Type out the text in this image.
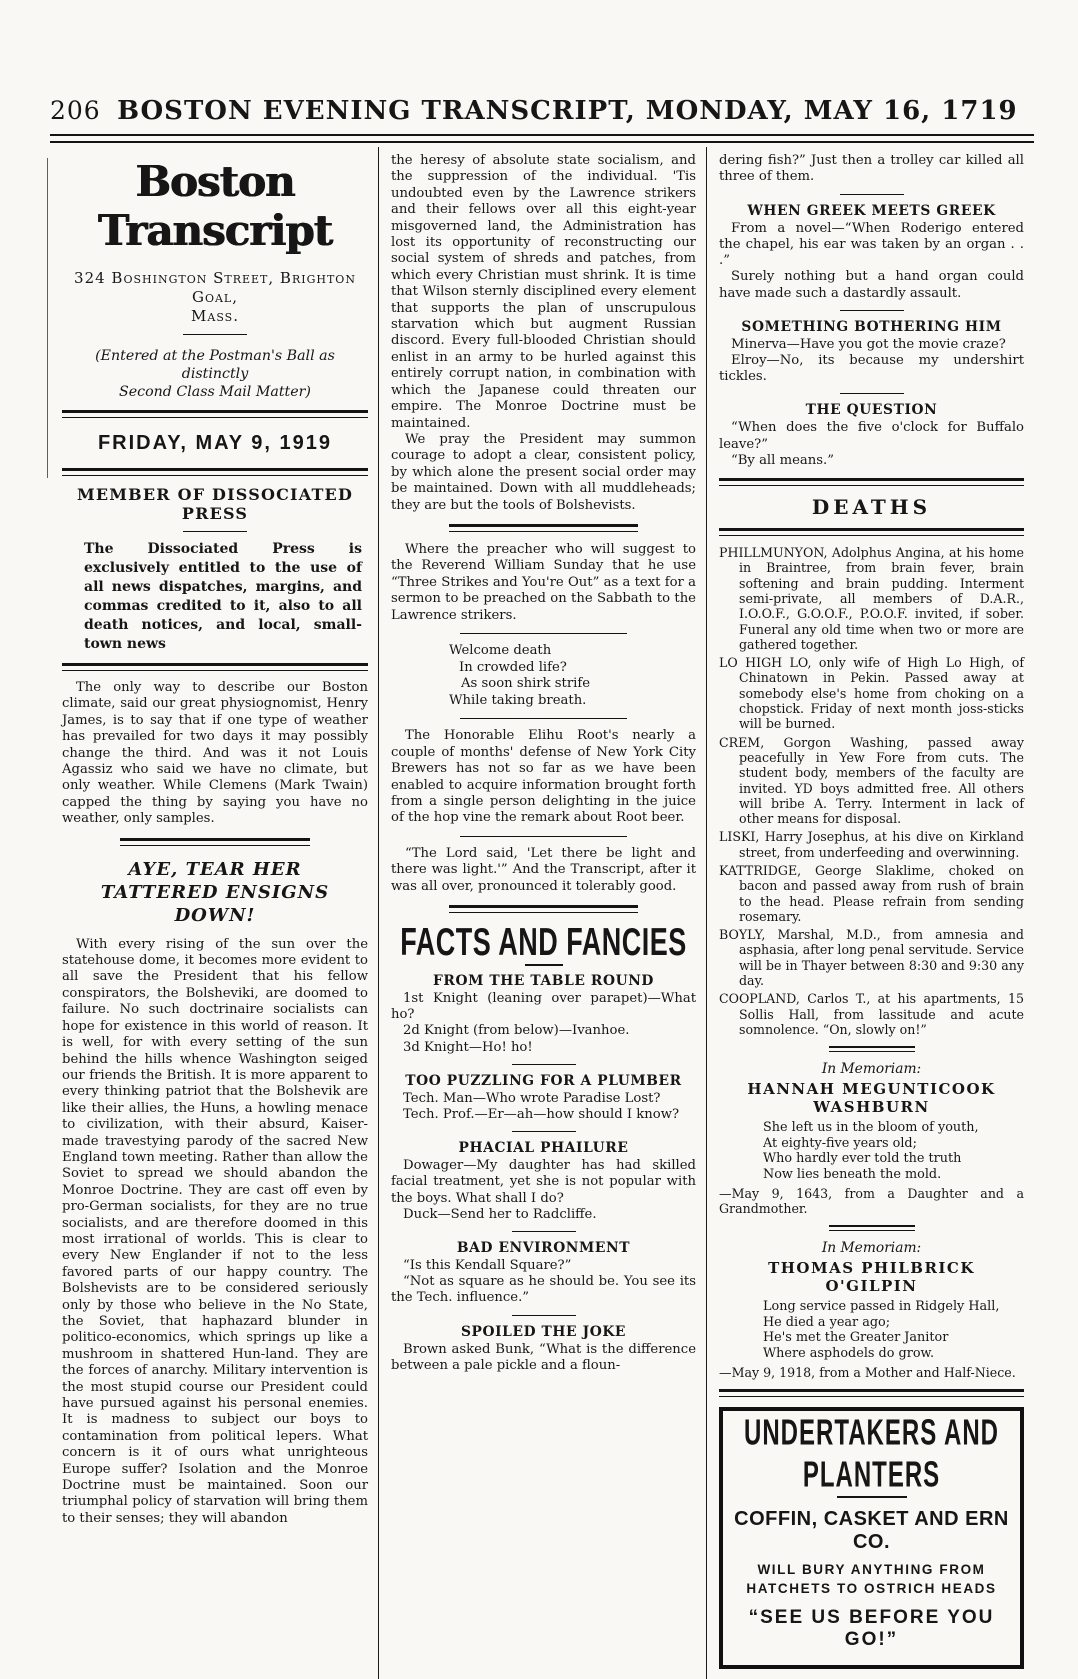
206 BOSTON EVENING TRANSCRIPT, MONDAY, MAY 16, 1719
Boston Transcript
324 Boshington Street, Brighton Goal,
Mass.
(Entered at the Postman's Ball as distinctly
Second Class Mail Matter)
FRIDAY, MAY 9, 1919
MEMBER OF DISSOCIATED PRESS

The Dissociated Press is exclusively entitled to the use of all news dispatches, margins, and commas credited to it, also to all death notices, and local, small-town news

The only way to describe our Boston climate, said our great physiognomist, Henry James, is to say that if one type of weather has prevailed for two days it may possibly change the third. And was it not Louis Agassiz who said we have no climate, but only weather. While Clemens (Mark Twain) capped the thing by saying you have no weather, only samples.

AYE, TEAR HER TATTERED ENSIGNS DOWN!

With every rising of the sun over the statehouse dome, it becomes more evident to all save the President that his fellow conspirators, the Bolsheviki, are doomed to failure. No such doctrinaire socialists can hope for existence in this world of reason. It is well, for with every setting of the sun behind the hills whence Washington seiged our friends the British. It is more apparent to every thinking patriot that the Bolshevik are like their allies, the Huns, a howling menace to civilization, with their absurd, Kaiser-made travestying parody of the sacred New England town meeting. Rather than allow the Soviet to spread we should abandon the Monroe Doctrine. They are cast off even by pro-German socialists, for they are no true socialists, and are therefore doomed in this most irrational of worlds. This is clear to every New Englander if not to the less favored parts of our happy country. The Bolshevists are to be considered seriously only by those who believe in the No State, the Soviet, that haphazard blunder in politico-economics, which springs up like a mushroom in shattered Hun-land. They are the forces of anarchy. Military intervention is the most stupid course our President could have pursued against his personal enemies. It is madness to subject our boys to contamination from political lepers. What concern is it of ours what unrighteous Europe suffer? Isolation and the Monroe Doctrine must be maintained. Soon our triumphal policy of starvation will bring them to their senses; they will abandon

the heresy of absolute state socialism, and the suppression of the individual. 'Tis undoubted even by the Lawrence strikers and their fellows over all this eight-year misgoverned land, the Administration has lost its opportunity of reconstructing our social system of shreds and patches, from which every Christian must shrink. It is time that Wilson sternly disciplined every element that supports the plan of unscrupulous starvation which but augment Russian discord. Every full-blooded Christian should enlist in an army to be hurled against this entirely corrupt nation, in combination with which the Japanese could threaten our empire. The Monroe Doctrine must be maintained.

We pray the President may summon courage to adopt a clear, consistent policy, by which alone the present social order may be maintained. Down with all muddleheads; they are but the tools of Bolshevists.

Where the preacher who will suggest to the Reverend William Sunday that he use “Three Strikes and You're Out” as a text for a sermon to be preached on the Sabbath to the Lawrence strikers.

Welcome death
In crowded life?
As soon shirk strife
While taking breath.

The Honorable Elihu Root's nearly a couple of months' defense of New York City Brewers has not so far as we have been enabled to acquire information brought forth from a single person delighting in the juice of the hop vine the remark about Root beer.

“The Lord said, 'Let there be light and there was light.'” And the Transcript, after it was all over, pronounced it tolerably good.

FACTS AND FANCIES
FROM THE TABLE ROUND

1st Knight (leaning over parapet)—What ho?

2d Knight (from below)—Ivanhoe.

3d Knight—Ho! ho!

TOO PUZZLING FOR A PLUMBER

Tech. Man—Who wrote Paradise Lost?

Tech. Prof.—Er—ah—how should I know?

PHACIAL PHAILURE

Dowager—My daughter has had skilled facial treatment, yet she is not popular with the boys. What shall I do?

Duck—Send her to Radcliffe.

BAD ENVIRONMENT

“Is this Kendall Square?”

“Not as square as he should be. You see its the Tech. influence.”

SPOILED THE JOKE

Brown asked Bunk, “What is the difference between a pale pickle and a floun-

dering fish?” Just then a trolley car killed all three of them.

WHEN GREEK MEETS GREEK

From a novel—“When Roderigo entered the chapel, his ear was taken by an organ . . .”

Surely nothing but a hand organ could have made such a dastardly assault.

SOMETHING BOTHERING HIM

Minerva—Have you got the movie craze?

Elroy—No, its because my undershirt tickles.

THE QUESTION

“When does the five o'clock for Buffalo leave?”

“By all means.”

DEATHS

PHILLMUNYON, Adolphus Angina, at his home in Braintree, from brain fever, brain softening and brain pudding. Interment semi-private, all members of D.A.R., I.O.O.F., G.O.O.F., P.O.O.F. invited, if sober. Funeral any old time when two or more are gathered together.

LO HIGH LO, only wife of High Lo High, of Chinatown in Pekin. Passed away at somebody else's home from choking on a chopstick. Friday of next month joss-sticks will be burned.

CREM, Gorgon Washing, passed away peacefully in Yew Fore from cuts. The student body, members of the faculty are invited. YD boys admitted free. All others will bribe A. Terry. Interment in lack of other means for disposal.

LISKI, Harry Josephus, at his dive on Kirkland street, from underfeeding and overwinning.

KATTRIDGE, George Slaklime, choked on bacon and passed away from rush of brain to the head. Please refrain from sending rosemary.

BOYLY, Marshal, M.D., from amnesia and asphasia, after long penal servitude. Service will be in Thayer between 8:30 and 9:30 any day.

COOPLAND, Carlos T., at his apartments, 15 Sollis Hall, from lassitude and acute somnolence. “On, slowly on!”

In Memoriam:
HANNAH MEGUNTICOOK WASHBURN
She left us in the bloom of youth,
At eighty-five years old;
Who hardly ever told the truth
Now lies beneath the mold.
—May 9, 1643, from a Daughter and a Grandmother.
In Memoriam:
THOMAS PHILBRICK O'GILPIN
Long service passed in Ridgely Hall,
He died a year ago;
He's met the Greater Janitor
Where asphodels do grow.
—May 9, 1918, from a Mother and Half-Niece.
UNDERTAKERS AND PLANTERS
COFFIN, CASKET AND ERN CO.
WILL BURY ANYTHING FROM
HATCHETS TO OSTRICH HEADS
“SEE US BEFORE YOU GO!”
